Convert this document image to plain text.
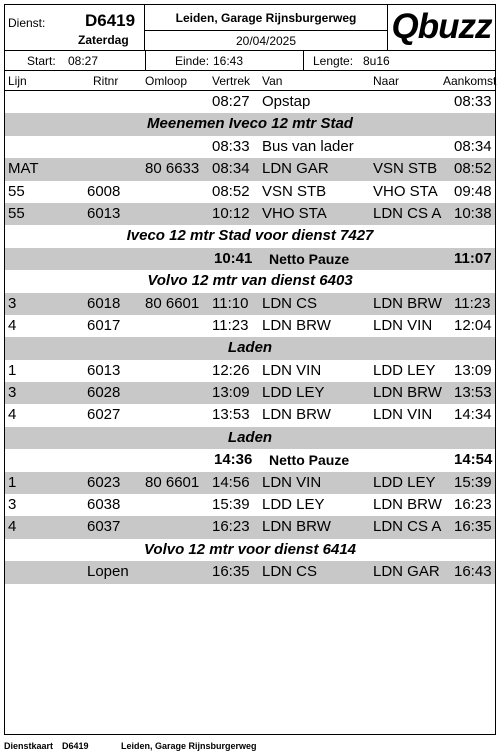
Dienst: D6419
Zaterdag
Leiden, Garage Rijnsburgerweg
20/04/2025	Qbuzz
Start: 08:27	Einde: 16:43	Lengte: 8u16
Lijn	Ritnr Omloop Vertrek Van	Naar	Aankomst
08:27 Opstap	08:33
Meenemen Iveco 12 mtr Stad
08:33 Bus van lader	08:34
MAT	80 6633 08:34 LDN GAR	VSN STB 08:52
55	6008	08:52 VSN STB	VHO STA 09:48
55	6013	10:12 VHO STA	LDN CS A 10:38
Iveco 12 mtr Stad voor dienst 7427
10:41 Netto Pauze	11:07
Volvo 12 mtr van dienst 6403
3	6018 80 6601 11:10 LDN CS	LDN BRW 11:23
4	6017	11:23 LDN BRW	LDN VIN 12:04
Laden
1	6013	12:26 LDN VIN	LDD LEY 13:09
3	6028	13:09 LDD LEY	LDN BRW 13:53
4	6027	13:53 LDN BRW	LDN VIN 14:34
Laden
14:36 Netto Pauze	14:54
1	6023 80 6601 14:56 LDN VIN	LDD LEY 15:39
3	6038	15:39 LDD LEY	LDN BRW 16:23
4	6037	16:23 LDN BRW	LDN CS A 16:35
Volvo 12 mtr voor dienst 6414
Lopen	16:35 LDN CS	LDN GAR 16:43
Dienstkaart D6419	Leiden, Garage Rijnsburgerweg
